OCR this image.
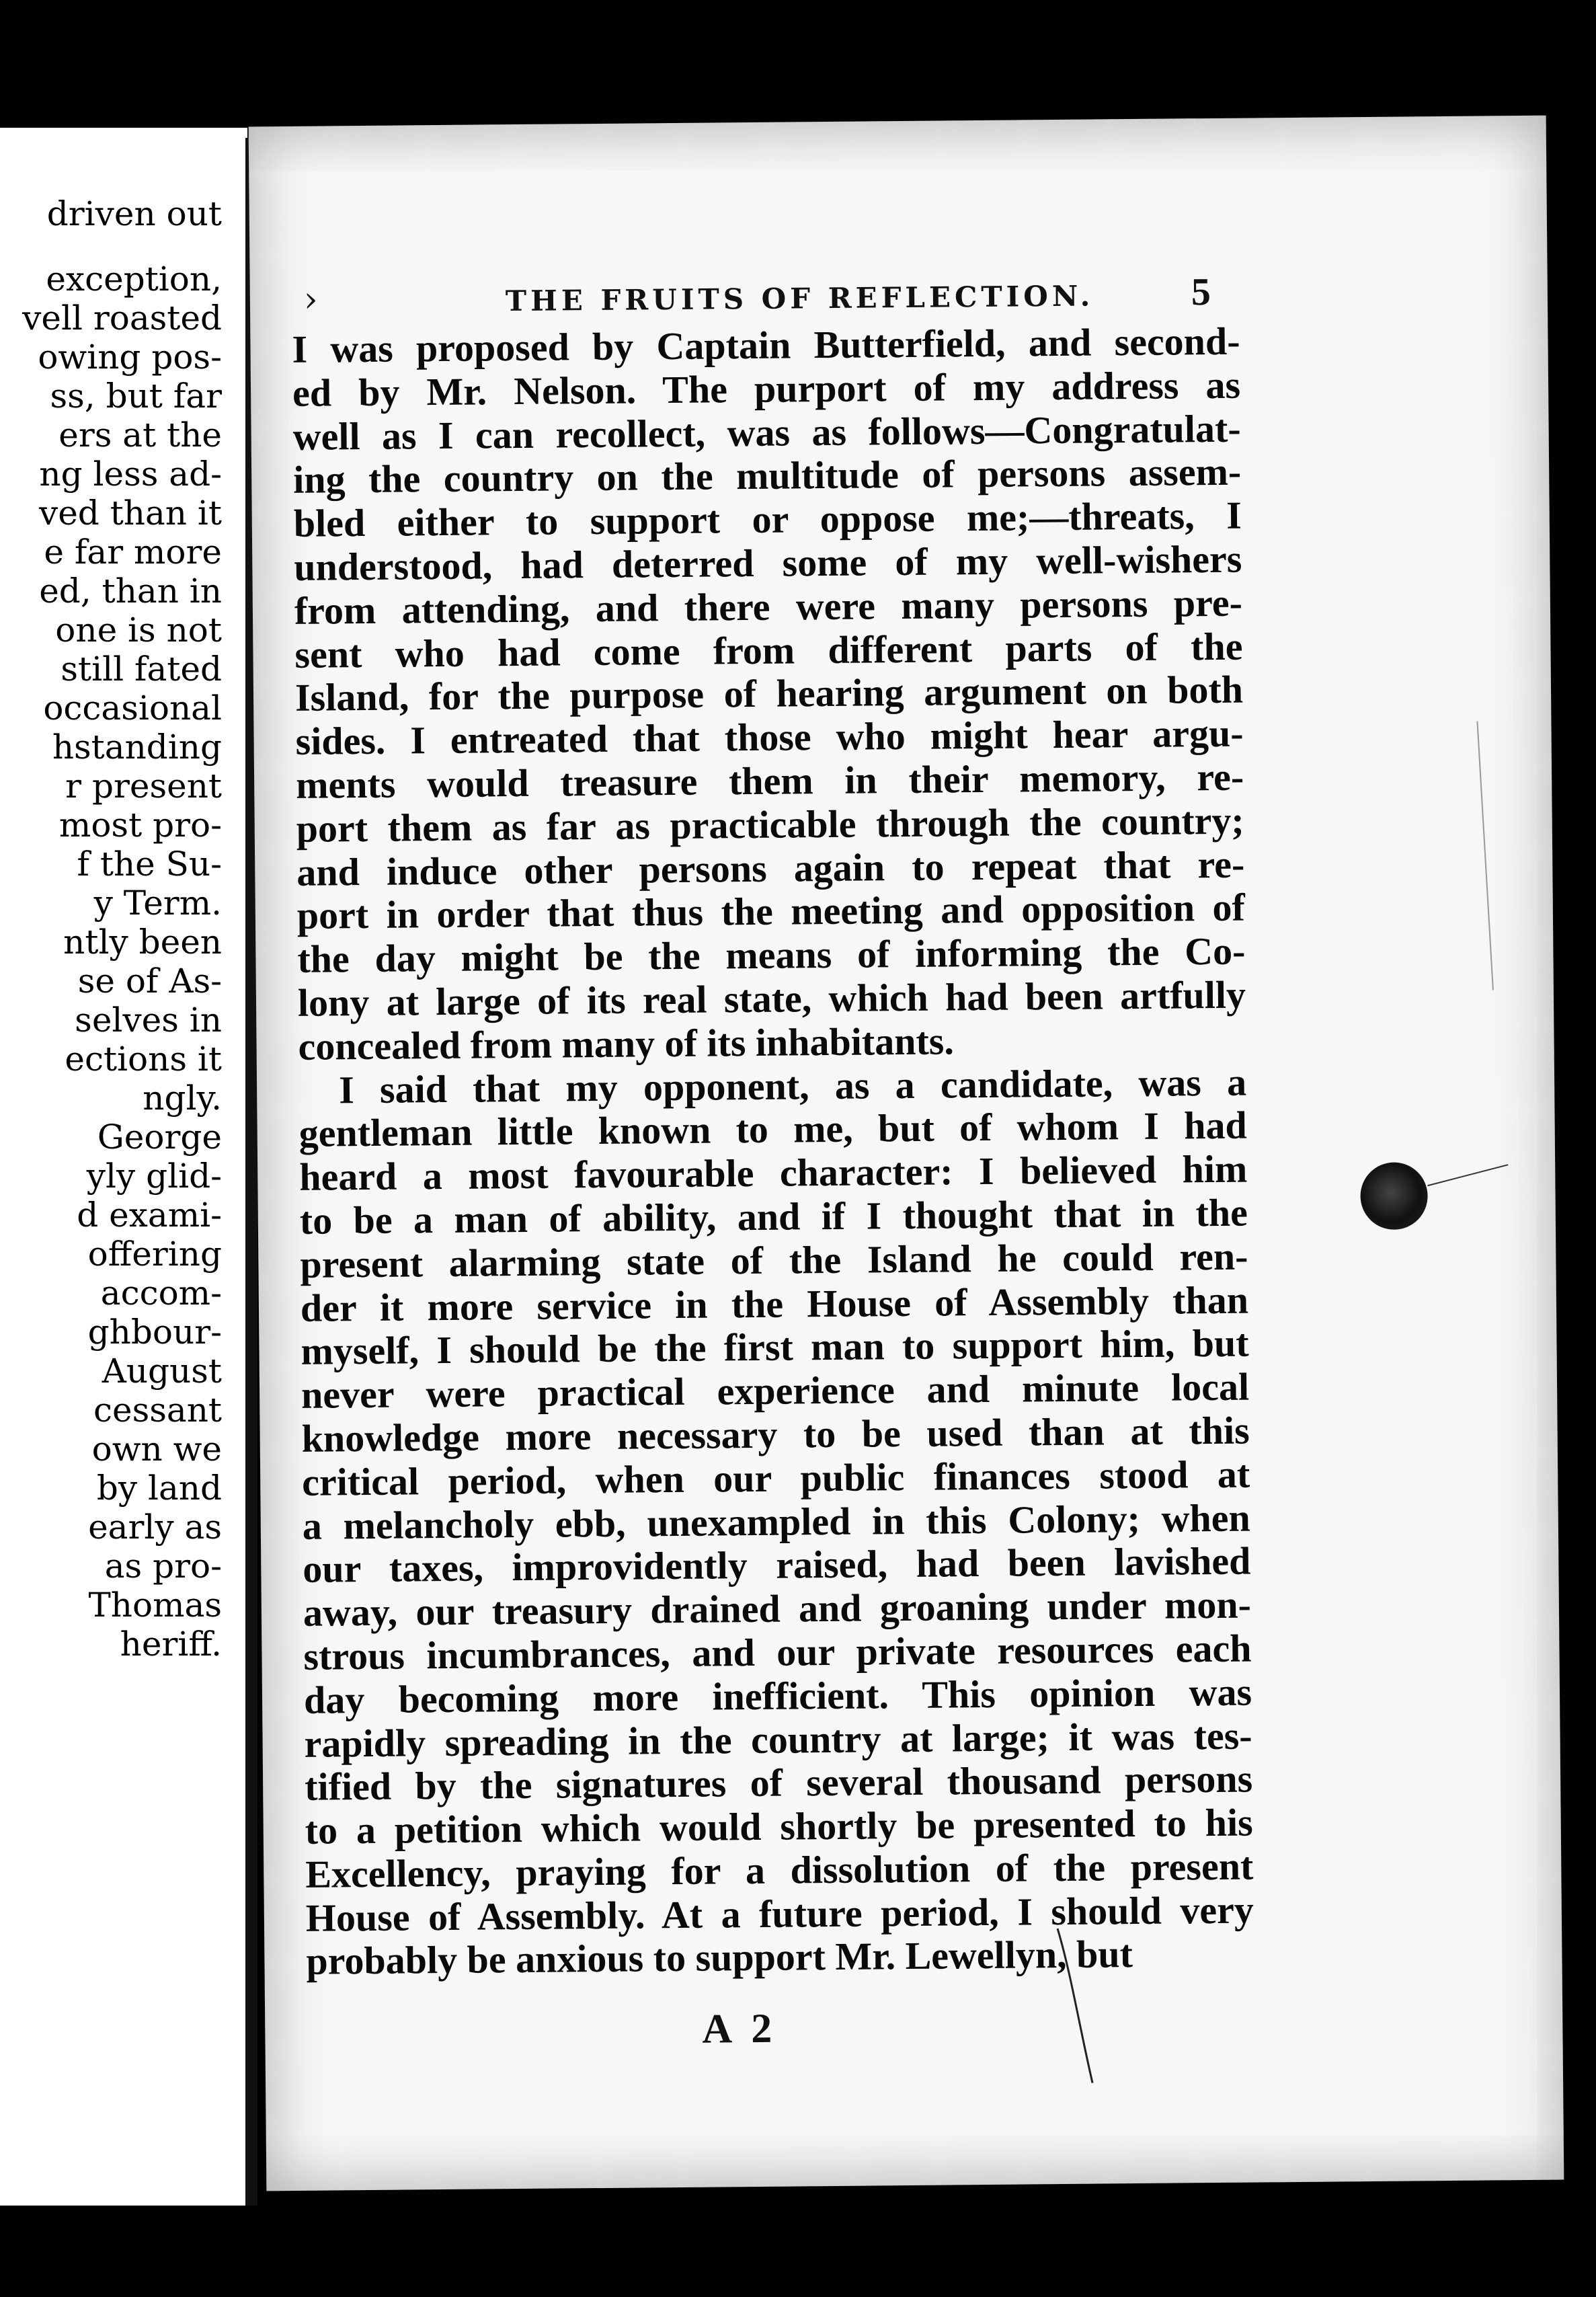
driven out
exception,
vell roasted
owing pos-
ss, but far
ers at the
ng less ad-
ved than it
e far more
ed, than in
one is not
still fated
occasional
hstanding
r present
most pro-
f the Su-
y Term.
ntly been
se of As-
selves in
ections it
ngly.
George
yly glid-
d exami-
offering
accom-
ghbour-
August
cessant
own we
by land
early as
as pro-
Thomas
heriff.
›	THE FRUITS OF REFLECTION. 5
I was proposed by Captain Butterfield, and second-
ed by Mr. Nelson. The purport of my address as
well as I can recollect, was as follows—Congratulat-
ing the country on the multitude of persons assem-
bled either to support or oppose me;—threats, I
understood, had deterred some of my well-wishers
from attending, and there were many persons pre-
sent who had come from different parts of the
Island, for the purpose of hearing argument on both
sides. I entreated that those who might hear argu-
ments would treasure them in their memory, re-
port them as far as practicable through the country;
and induce other persons again to repeat that re-
port in order that thus the meeting and opposition of
the day might be the means of informing the Co-
lony at large of its real state, which had been artfully
concealed from many of its inhabitants.
I said that my opponent, as a candidate, was a
gentleman little known to me, but of whom I had
heard a most favourable character: I believed him
to be a man of ability, and if I thought that in the
present alarming state of the Island he could ren-
der it more service in the House of Assembly than
myself, I should be the first man to support him, but
never were practical experience and minute local
knowledge more necessary to be used than at this
critical period, when our public finances stood at
a melancholy ebb, unexampled in this Colony; when
our taxes, improvidently raised, had been lavished
away, our treasury drained and groaning under mon-
strous incumbrances, and our private resources each
day becoming more inefficient. This opinion was
rapidly spreading in the country at large; it was tes-
tified by the signatures of several thousand persons
to a petition which would shortly be presented to his
Excellency, praying for a dissolution of the present
House of Assembly. At a future period, I should very
probably be anxious to support Mr. Lewellyn, but
A 2
